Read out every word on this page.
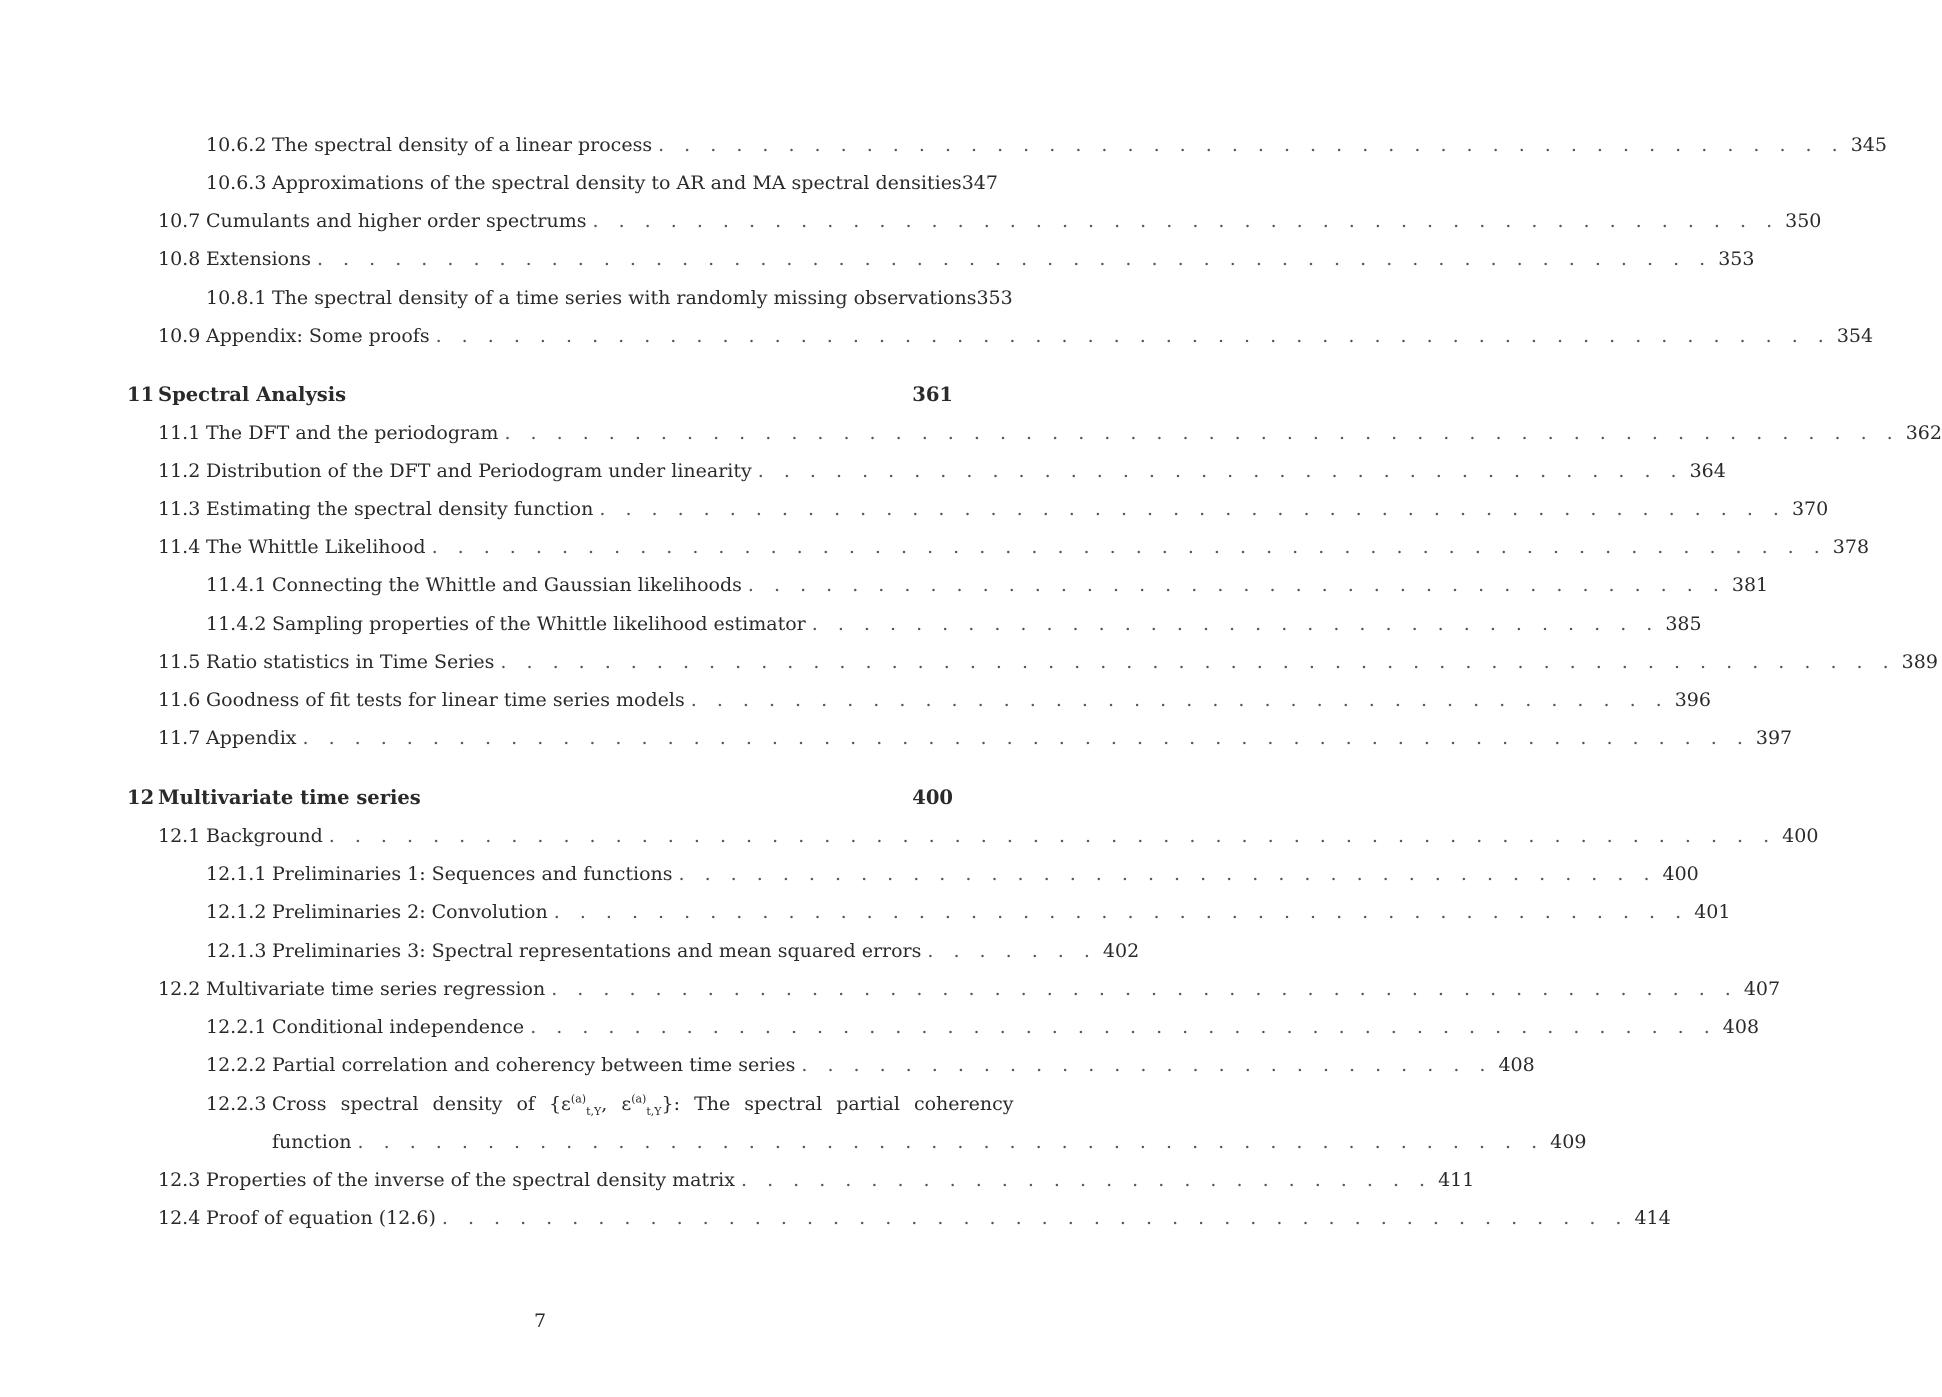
10.6.2 The spectral density of a linear process . . . . . . . . . . . . . . . . . . . . . . . . . . . . . . . . . . . . . . . . . . . . . . 345
10.6.3 Approximations of the spectral density to AR and MA spectral densities 347
10.7 Cumulants and higher order spectrums . . . . . . . . . . . . . . . . . . . . . . . . . . . . . . . . . . . . . . . . . . . . . . 350
10.8 Extensions . . . . . . . . . . . . . . . . . . . . . . . . . . . . . . . . . . . . . . . . . . . . . . . . . . . . . . 353
10.8.1 The spectral density of a time series with randomly missing observations 353
10.9 Appendix: Some proofs . . . . . . . . . . . . . . . . . . . . . . . . . . . . . . . . . . . . . . . . . . . . . . . . . . . . . . 354
11 Spectral Analysis	361
11.1 The DFT and the periodogram . . . . . . . . . . . . . . . . . . . . . . . . . . . . . . . . . . . . . . . . . . . . . . . . . . . . . . 362
11.2 Distribution of the DFT and Periodogram under linearity . . . . . . . . . . . . . . . . . . . . . . . . . . . . . . . . . . . . 364
11.3 Estimating the spectral density function . . . . . . . . . . . . . . . . . . . . . . . . . . . . . . . . . . . . . . . . . . . . . . 370
11.4 The Whittle Likelihood . . . . . . . . . . . . . . . . . . . . . . . . . . . . . . . . . . . . . . . . . . . . . . . . . . . . . . 378
11.4.1 Connecting the Whittle and Gaussian likelihoods . . . . . . . . . . . . . . . . . . . . . . . . . . . . . . . . . . . . . . 381
11.4.2 Sampling properties of the Whittle likelihood estimator . . . . . . . . . . . . . . . . . . . . . . . . . . . . . . . . . 385
11.5 Ratio statistics in Time Series . . . . . . . . . . . . . . . . . . . . . . . . . . . . . . . . . . . . . . . . . . . . . . . . . . . . . . 389
11.6 Goodness of fit tests for linear time series models . . . . . . . . . . . . . . . . . . . . . . . . . . . . . . . . . . . . . . 396
11.7 Appendix . . . . . . . . . . . . . . . . . . . . . . . . . . . . . . . . . . . . . . . . . . . . . . . . . . . . . . . . 397
12 Multivariate time series	400
12.1 Background . . . . . . . . . . . . . . . . . . . . . . . . . . . . . . . . . . . . . . . . . . . . . . . . . . . . . . . . 400
12.1.1 Preliminaries 1: Sequences and functions . . . . . . . . . . . . . . . . . . . . . . . . . . . . . . . . . . . . . . 400
12.1.2 Preliminaries 2: Convolution . . . . . . . . . . . . . . . . . . . . . . . . . . . . . . . . . . . . . . . . . . . . 401
12.1.3 Preliminaries 3: Spectral representations and mean squared errors . . . . . . . 402
12.2 Multivariate time series regression . . . . . . . . . . . . . . . . . . . . . . . . . . . . . . . . . . . . . . . . . . . . . . 407
12.2.1 Conditional independence . . . . . . . . . . . . . . . . . . . . . . . . . . . . . . . . . . . . . . . . . . . . . . 408
12.2.2 Partial correlation and coherency between time series . . . . . . . . . . . . . . . . . . . . . . . . . . . 408
12.2.3 Cross spectral density of {$\varepsilon^{(a)}_{t,Y}$, $\varepsilon^{(a)}_{t,Y}$}: The spectral partial coherency
function . . . . . . . . . . . . . . . . . . . . . . . . . . . . . . . . . . . . . . . . . . . . . . 409
12.3 Properties of the inverse of the spectral density matrix . . . . . . . . . . . . . . . . . . . . . . . . . . . 411
12.4 Proof of equation (12.6) . . . . . . . . . . . . . . . . . . . . . . . . . . . . . . . . . . . . . . . . . . . . . . 414
7
